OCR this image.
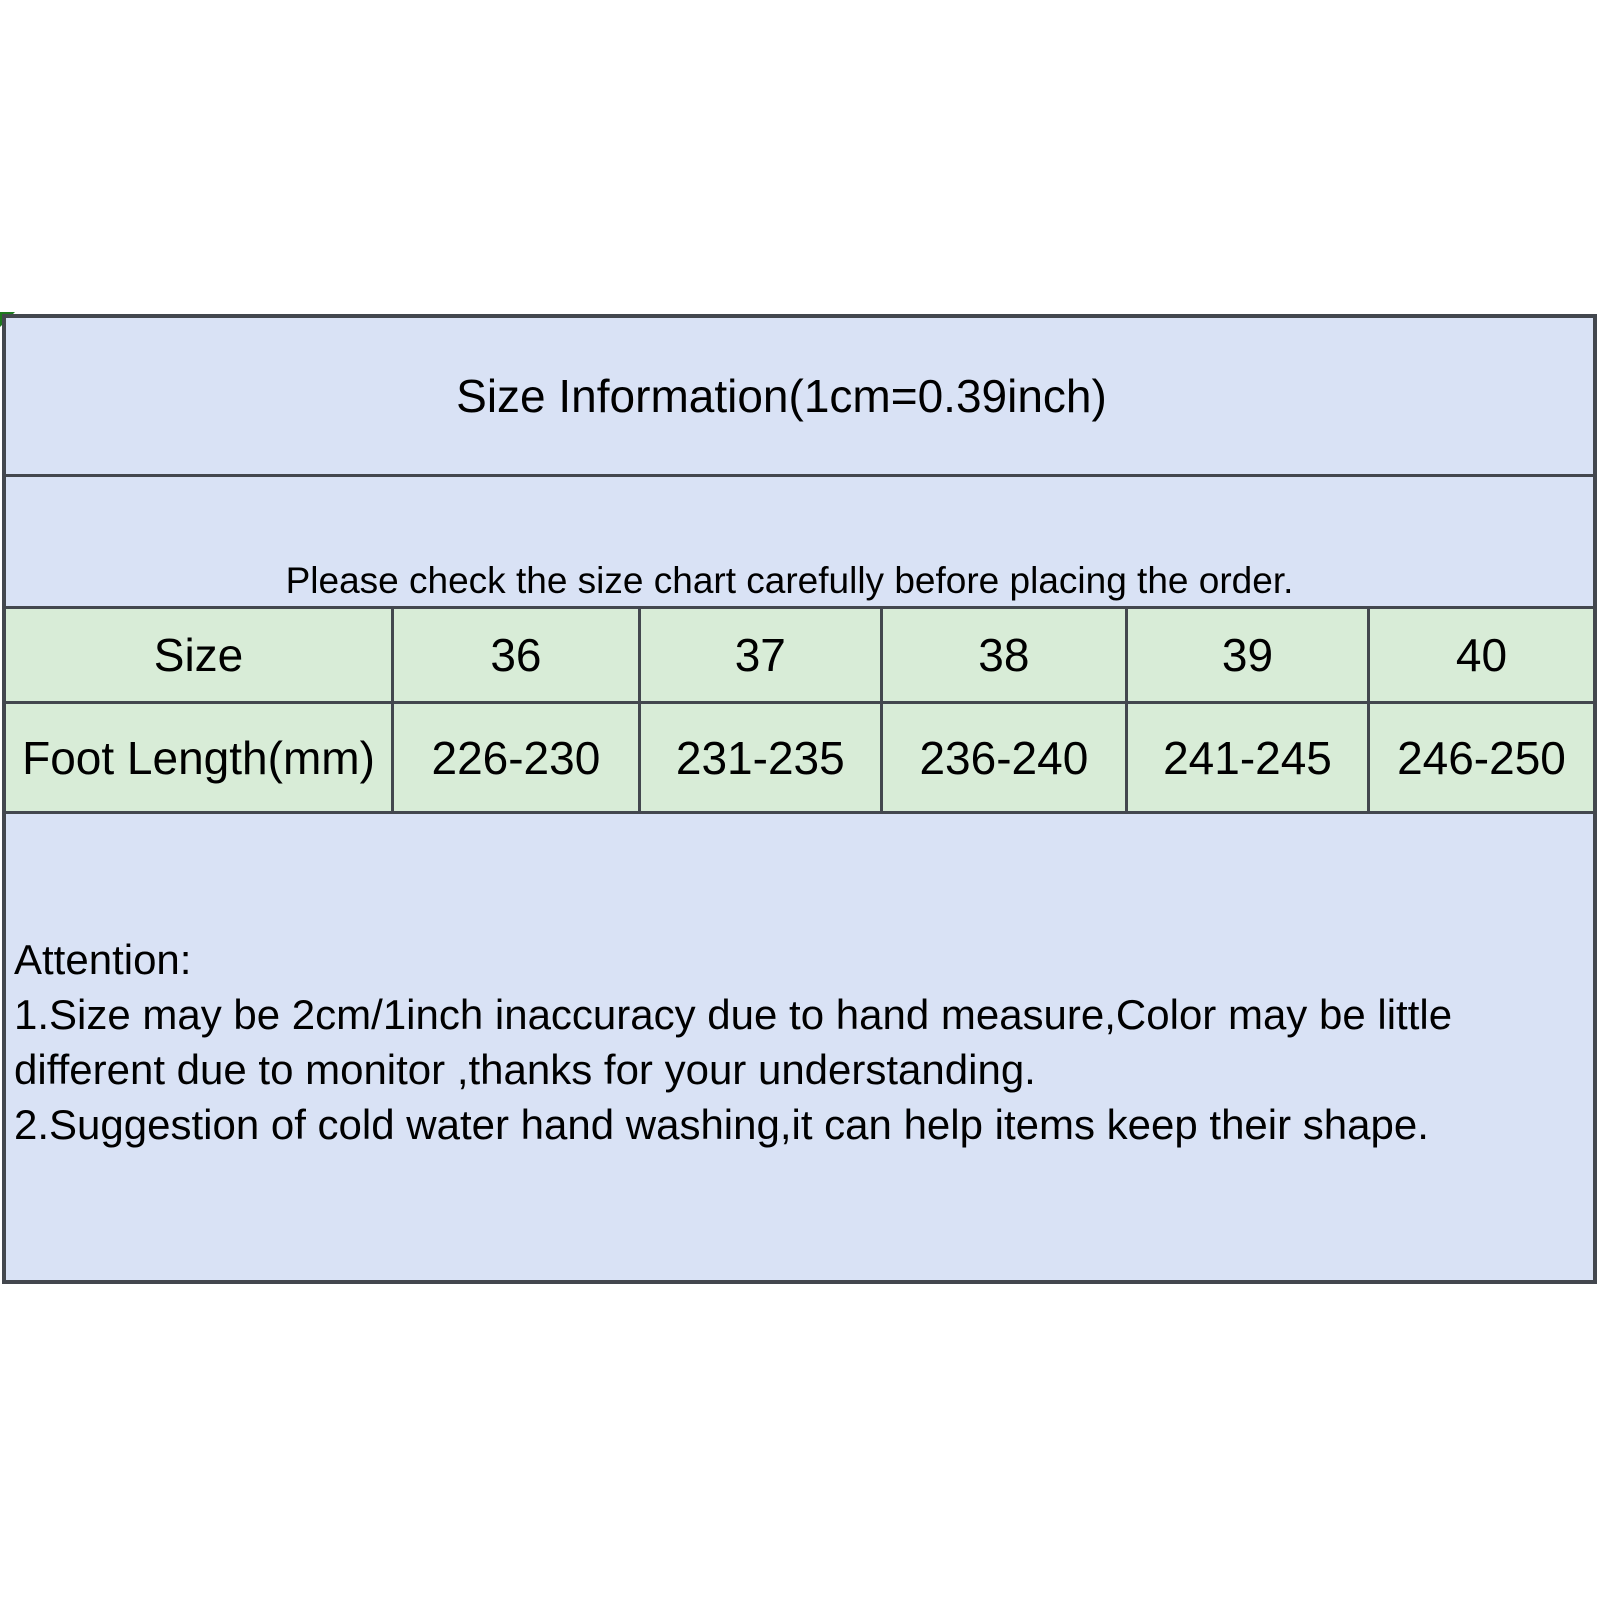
Size Information(1cm=0.39inch)
Please check the size chart carefully before placing the order.
Size	36	37	38	39	40
Foot Length(mm)	226-230	231-235	236-240	241-245	246-250
Attention:
1.Size may be 2cm/1inch inaccuracy due to hand measure,Color may be little different due to monitor ,thanks for your understanding.
2.Suggestion of cold water hand washing,it can help items keep their shape.
